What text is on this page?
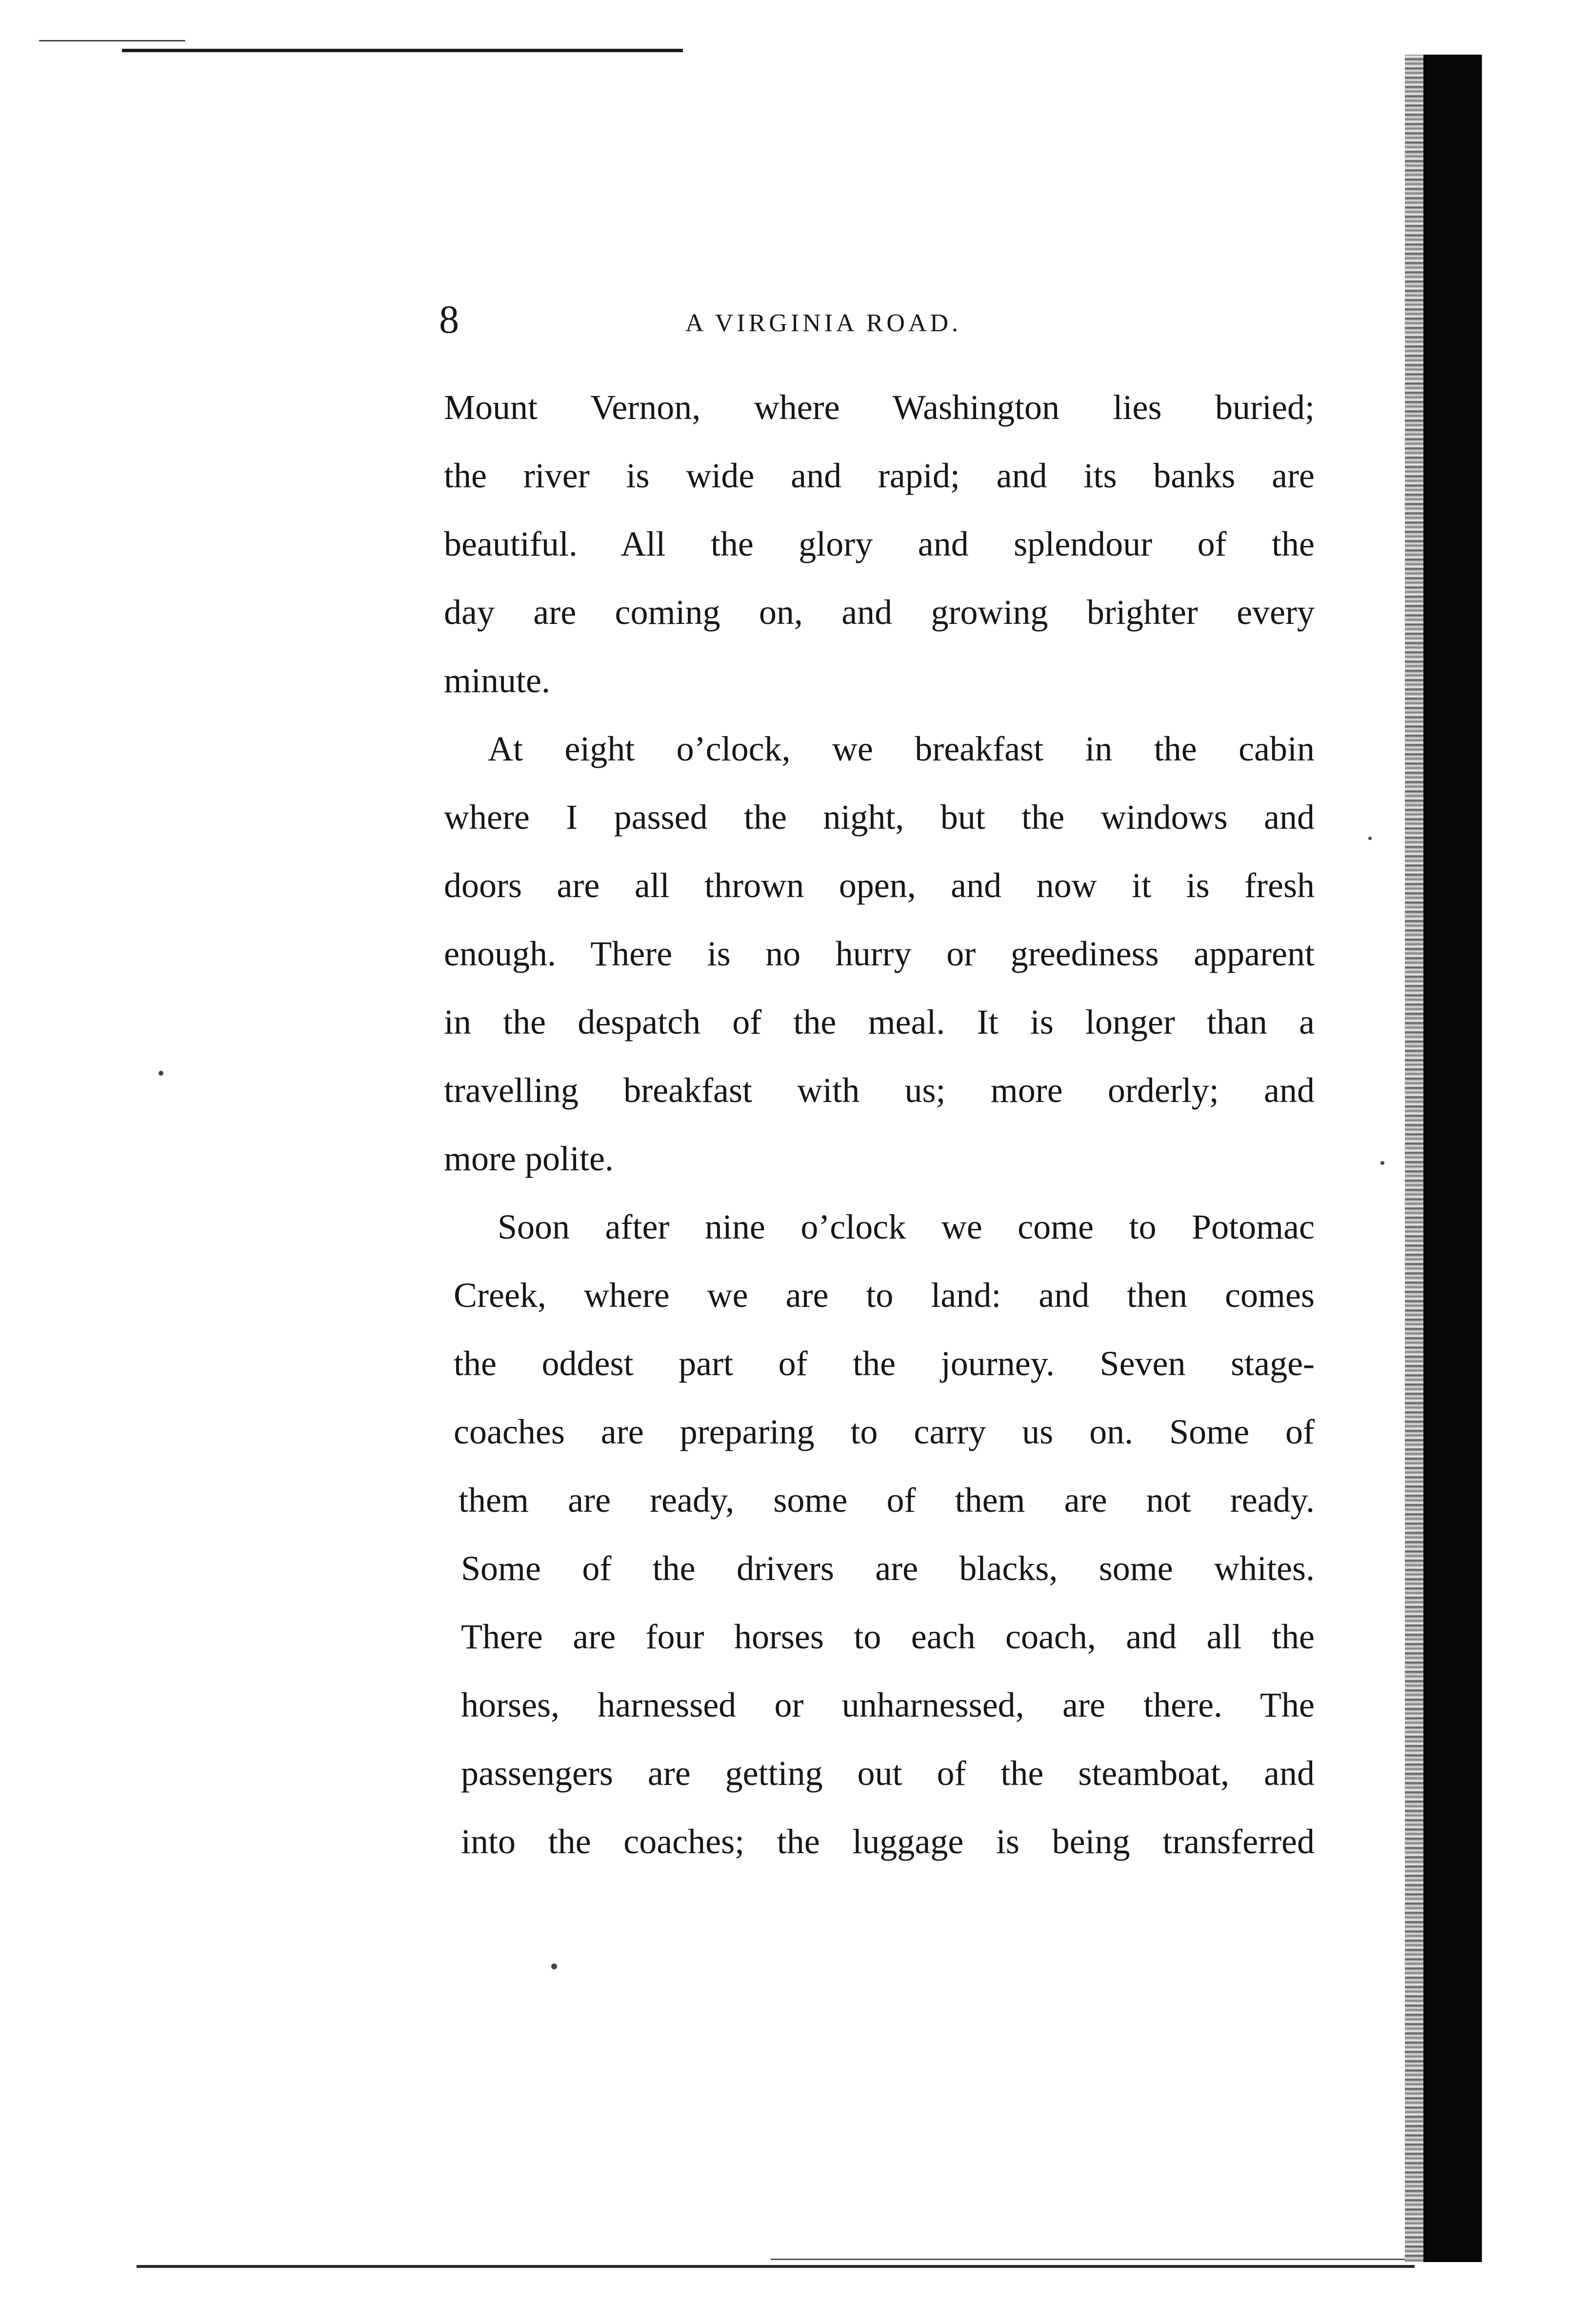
8	A VIRGINIA ROAD.
Mount Vernon, where Washington lies buried;
the river is wide and rapid; and its banks are
beautiful. All the glory and splendour of the
day are coming on, and growing brighter every
minute.
At eight o’clock, we breakfast in the cabin
where I passed the night, but the windows and
doors are all thrown open, and now it is fresh
enough. There is no hurry or greediness apparent
in the despatch of the meal. It is longer than a
travelling breakfast with us; more orderly; and
more polite.
Soon after nine o’clock we come to Potomac
Creek, where we are to land: and then comes
the oddest part of the journey. Seven stage-
coaches are preparing to carry us on. Some of
them are ready, some of them are not ready.
Some of the drivers are blacks, some whites.
There are four horses to each coach, and all the
horses, harnessed or unharnessed, are there. The
passengers are getting out of the steamboat, and
into the coaches; the luggage is being transferred
